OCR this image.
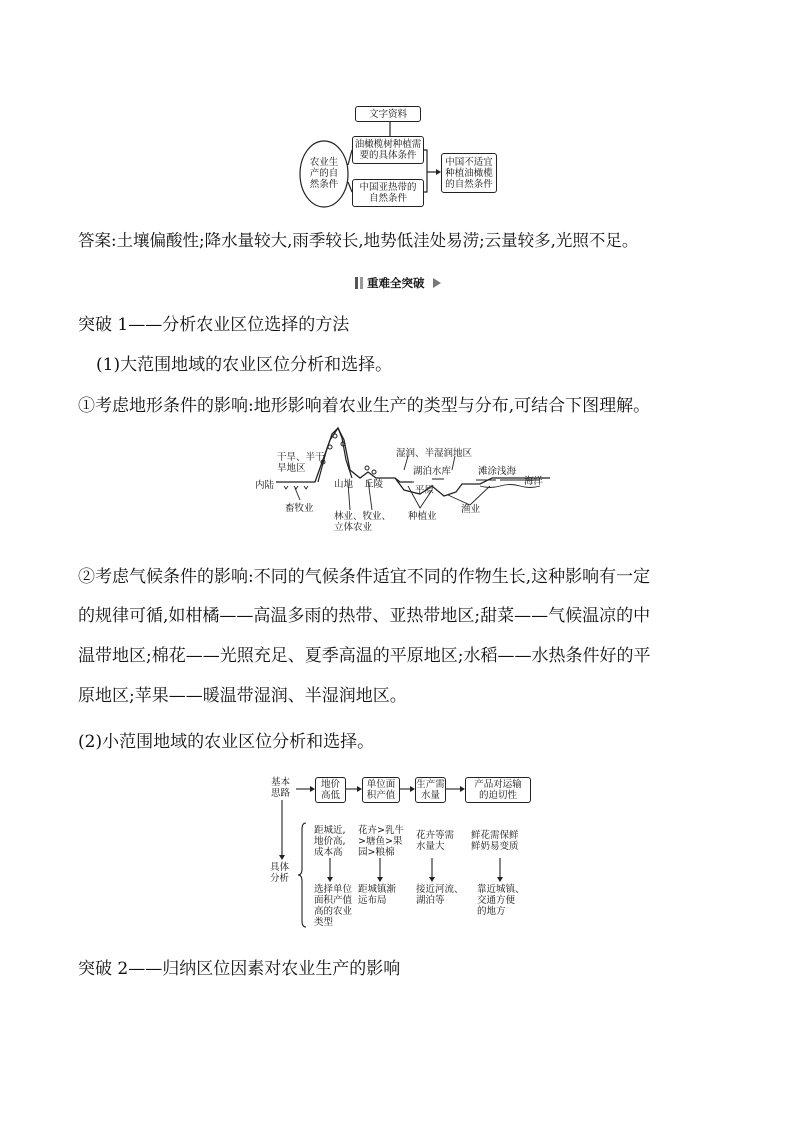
农业生
产的自
然条件
文字资料
油橄榄树种植需
要的具体条件
中国亚热带的
自然条件
中国不适宜
种植油橄榄
的自然条件
答案:土壤偏酸性;降水量较大,雨季较长,地势低洼处易涝;云量较多,光照不足。
重难全突破
突破 1——分析农业区位选择的方法
(1)大范围地域的农业区位分析和选择。
①考虑地形条件的影响:地形影响着农业生产的类型与分布,可结合下图理解。
干旱、半干
旱地区
内陆	山地 丘陵
湿润、半湿润地区
湖泊水库	滩涂浅海
海洋
平原
畜牧业
林业、牧业、
立体农业
种植业
渔业
②考虑气候条件的影响:不同的气候条件适宜不同的作物生长,这种影响有一定
的规律可循,如柑橘——高温多雨的热带、亚热带地区;甜菜——气候温凉的中
温带地区;棉花——光照充足、夏季高温的平原地区;水稻——水热条件好的平
原地区;苹果——暖温带湿润、半湿润地区。
(2)小范围地域的农业区位分析和选择。
基本
思路
具体
分析
地价
高低
单位面
积产值
生产需
水量
产品对运输
的迫切性
距城近,
地价高,
成本高
花卉>乳牛
>塘鱼>果
园>粮棉
花卉等需
水量大
鲜花需保鲜
鲜奶易变质
选择单位
面积产值
高的农业
类型
距城镇渐
远布局
接近河流、
湖泊等
靠近城镇、
交通方便
的地方
突破 2——归纳区位因素对农业生产的影响
